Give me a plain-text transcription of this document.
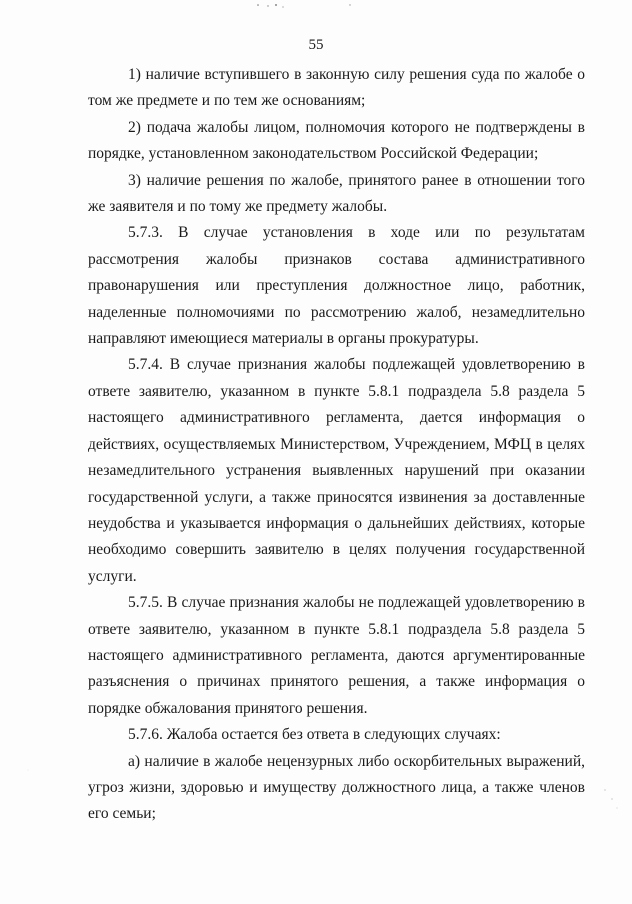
55

1) наличие вступившего в законную силу решения суда по жалобе о том же предмете и по тем же основаниям;

2) подача жалобы лицом, полномочия которого не подтверждены в порядке, установленном законодательством Российской Федерации;

3) наличие решения по жалобе, принятого ранее в отношении того же заявителя и по тому же предмету жалобы.

5.7.3. В случае установления в ходе или по результатам рассмотрения жалобы признаков состава административного правонарушения или преступления должностное лицо, работник, наделенные полномочиями по рассмотрению жалоб, незамедлительно направляют имеющиеся материалы в органы прокуратуры.

5.7.4. В случае признания жалобы подлежащей удовлетворению в ответе заявителю, указанном в пункте 5.8.1 подраздела 5.8 раздела 5 настоящего административного регламента, дается информация о действиях, осуществляемых Министерством, Учреждением, МФЦ в целях незамедлительного устранения выявленных нарушений при оказании государственной услуги, а также приносятся извинения за доставленные неудобства и указывается информация о дальнейших действиях, которые необходимо совершить заявителю в целях получения государственной услуги.

5.7.5. В случае признания жалобы не подлежащей удовлетворению в ответе заявителю, указанном в пункте 5.8.1 подраздела 5.8 раздела 5 настоящего административного регламента, даются аргументированные разъяснения о причинах принятого решения, а также информация о порядке обжалования принятого решения.

5.7.6. Жалоба остается без ответа в следующих случаях:

а) наличие в жалобе нецензурных либо оскорбительных выражений, угроз жизни, здоровью и имуществу должностного лица, а также членов его семьи;
